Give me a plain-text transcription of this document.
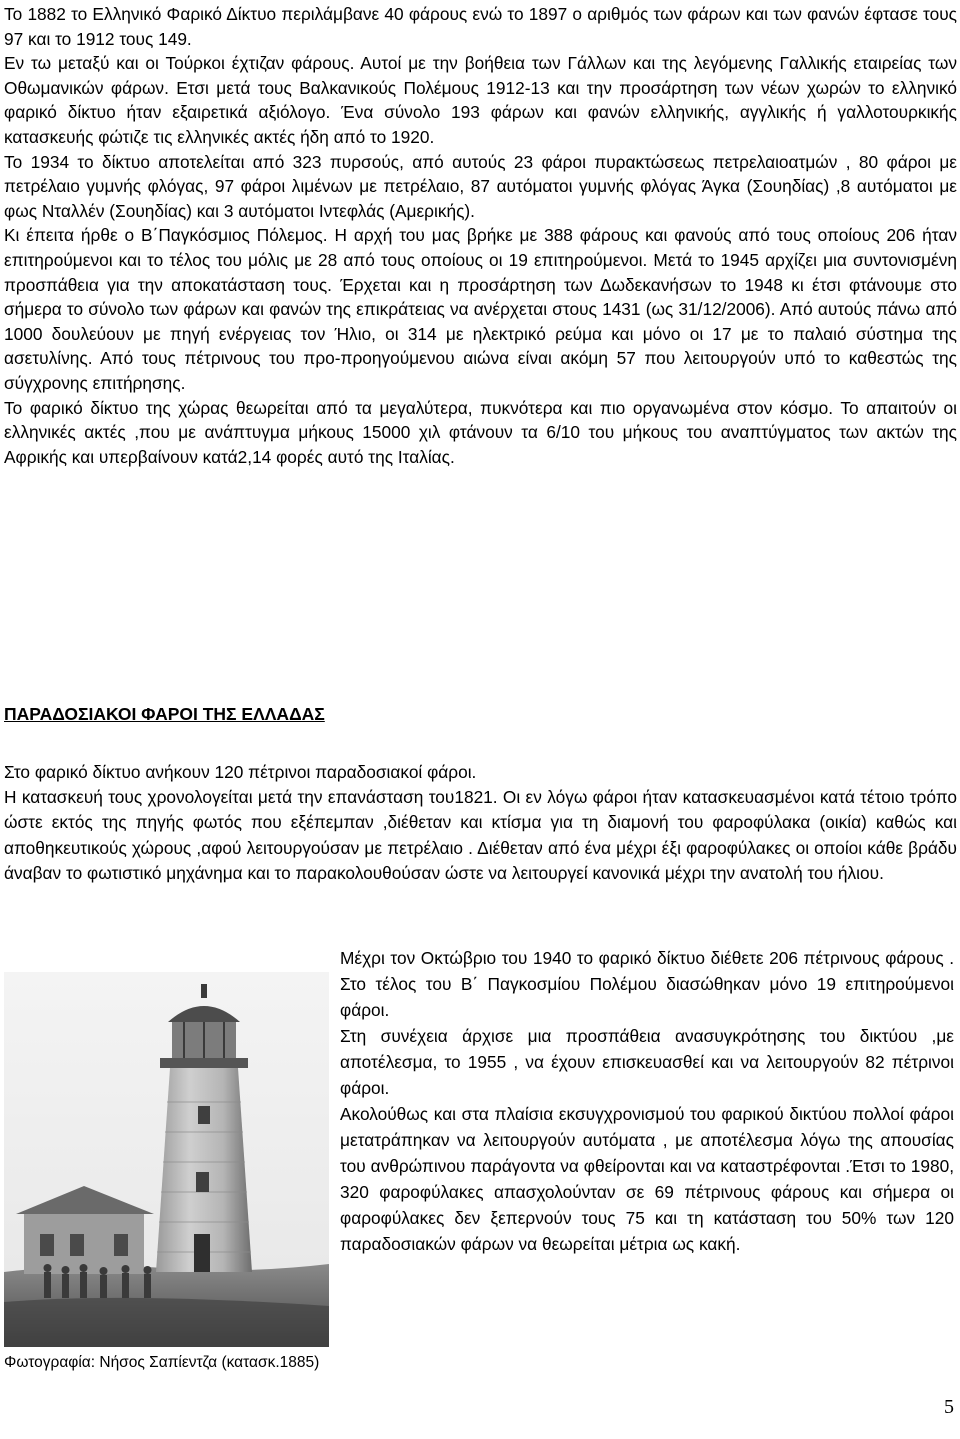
Το 1882 το Ελληνικό Φαρικό Δίκτυο περιλάμβανε 40 φάρους ενώ το 1897 ο αριθμός των φάρων και των φανών έφτασε τους 97 και το 1912 τους 149.

Εν τω μεταξύ και οι Τούρκοι έχτιζαν φάρους. Αυτοί με την βοήθεια των Γάλλων και της λεγόμενης Γαλλικής εταιρείας των Οθωμανικών φάρων. Ετσι μετά τους Βαλκανικούς Πολέμους 1912-13 και την προσάρτηση των νέων χωρών το ελληνικό φαρικό δίκτυο ήταν εξαιρετικά αξιόλογο. Ένα σύνολο 193 φάρων και φανών ελληνικής, αγγλικής ή γαλλοτουρκικής κατασκευής φώτιζε τις ελληνικές ακτές ήδη από το 1920.

Το 1934 το δίκτυο αποτελείται από 323 πυρσούς, από αυτούς 23 φάροι πυρακτώσεως πετρελαιοατμών , 80 φάροι με πετρέλαιο γυμνής φλόγας, 97 φάροι λιμένων με πετρέλαιο, 87 αυτόματοι γυμνής φλόγας Άγκα (Σουηδίας) ,8 αυτόματοι με φως Νταλλέν (Σουηδίας) και 3 αυτόματοι Ιντεφλάς (Αμερικής).

Κι έπειτα ήρθε ο Β΄Παγκόσμιος Πόλεμος. Η αρχή του μας βρήκε με 388 φάρους και φανούς από τους οποίους 206 ήταν επιτηρούμενοι και το τέλος του μόλις με 28 από τους οποίους οι 19 επιτηρούμενοι. Μετά το 1945 αρχίζει μια συντονισμένη προσπάθεια για την αποκατάσταση τους. Έρχεται και η προσάρτηση των Δωδεκανήσων το 1948 κι έτσι φτάνουμε στο σήμερα το σύνολο των φάρων και φανών της επικράτειας να ανέρχεται στους 1431 (ως 31/12/2006). Από αυτούς πάνω από 1000 δουλεύουν με πηγή ενέργειας τον Ήλιο, οι 314 με ηλεκτρικό ρεύμα και μόνο οι 17 με το παλαιό σύστημα της ασετυλίνης. Από τους πέτρινους του προ-προηγούμενου αιώνα είναι ακόμη 57 που λειτουργούν υπό το καθεστώς της σύγχρονης επιτήρησης.

Το φαρικό δίκτυο της χώρας θεωρείται από τα μεγαλύτερα, πυκνότερα και πιο οργανωμένα στον κόσμο. Το απαιτούν οι ελληνικές ακτές ,που με ανάπτυγμα μήκους 15000 χιλ φτάνουν τα 6/10 του μήκους του αναπτύγματος των ακτών της Αφρικής και υπερβαίνουν κατά2,14 φορές αυτό της Ιταλίας.

ΠΑΡΑΔΟΣΙΑΚΟΙ ΦΑΡΟΙ ΤΗΣ ΕΛΛΑΔΑΣ

Στο φαρικό δίκτυο ανήκουν 120 πέτρινοι παραδοσιακοί φάροι.

Η κατασκευή τους χρονολογείται μετά την επανάσταση του1821. Οι εν λόγω φάροι ήταν κατασκευασμένοι κατά τέτοιο τρόπο ώστε εκτός της πηγής φωτός που εξέπεμπαν ,διέθεταν και κτίσμα για τη διαμονή του φαροφύλακα (οικία) καθώς και αποθηκευτικούς χώρους ,αφού λειτουργούσαν με πετρέλαιο . Διέθεταν από ένα μέχρι έξι φαροφύλακες οι οποίοι κάθε βράδυ άναβαν το φωτιστικό μηχάνημα και το παρακολουθούσαν ώστε να λειτουργεί κανονικά μέχρι την ανατολή του ήλιου.

Μέχρι τον Οκτώβριο του 1940 το φαρικό δίκτυο διέθετε 206 πέτρινους φάρους . Στο τέλος του Β΄ Παγκοσμίου Πολέμου διασώθηκαν μόνο 19 επιτηρούμενοι φάροι.

Στη συνέχεια άρχισε μια προσπάθεια ανασυγκρότησης του δικτύου ,με αποτέλεσμα, το 1955 , να έχουν επισκευασθεί και να λειτουργούν 82 πέτρινοι φάροι.

Ακολούθως και στα πλαίσια εκσυγχρονισμού του φαρικού δικτύου πολλοί φάροι μετατράπηκαν να λειτουργούν αυτόματα , με αποτέλεσμα λόγω της απουσίας του ανθρώπινου παράγοντα να φθείρονται και να καταστρέφονται .Έτσι το 1980, 320 φαροφύλακες απασχολούνταν σε 69 πέτρινους φάρους και σήμερα οι φαροφύλακες δεν ξεπερνούν τους 75 και τη κατάσταση του 50% των 120 παραδοσιακών φάρων να θεωρείται μέτρια ως κακή.

Φωτογραφία: Νήσος Σαπίεντζα (κατασκ.1885)

5
